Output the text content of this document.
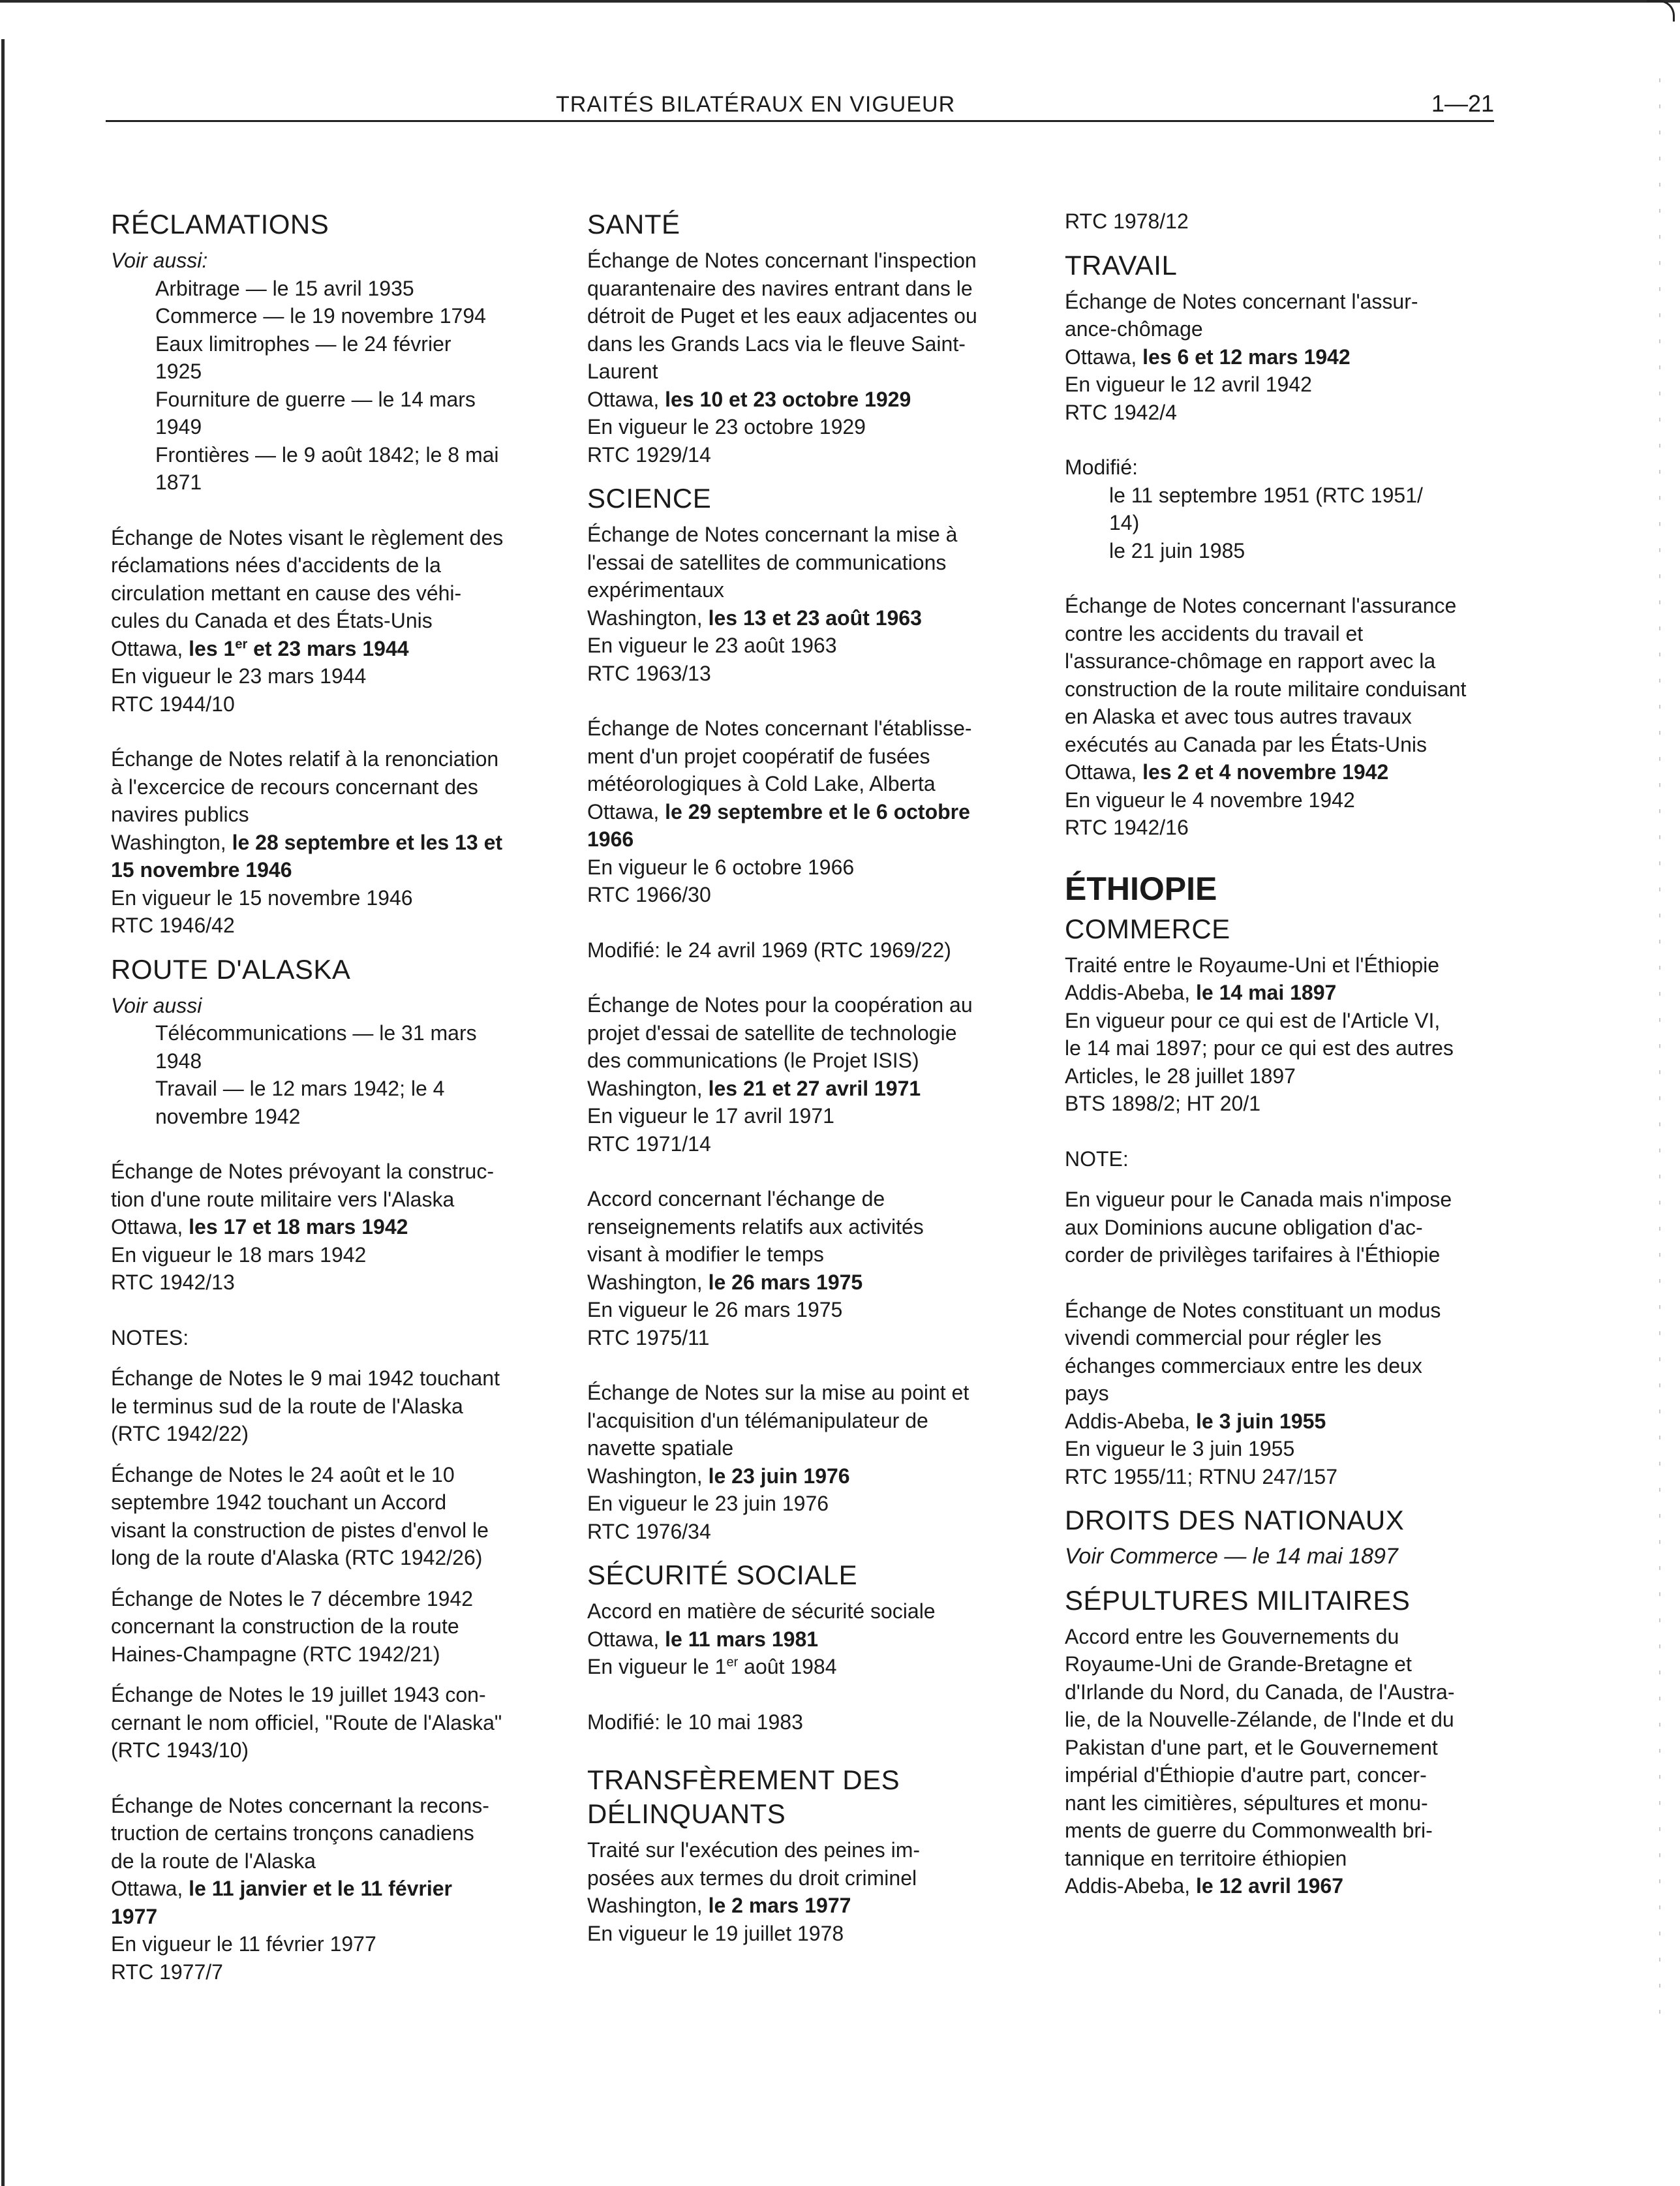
TRAITÉS BILATÉRAUX EN VIGUEUR	1—21
RÉCLAMATIONS
Voir aussi:
Arbitrage — le 15 avril 1935
Commerce — le 19 novembre 1794
Eaux limitrophes — le 24 février
1925
Fourniture de guerre — le 14 mars
1949
Frontières — le 9 août 1842; le 8 mai
1871
Échange de Notes visant le règlement des
réclamations nées d'accidents de la
circulation mettant en cause des véhi-
cules du Canada et des États-Unis
Ottawa, les 1er et 23 mars 1944
En vigueur le 23 mars 1944
RTC 1944/10
Échange de Notes relatif à la renonciation
à l'excercice de recours concernant des
navires publics
Washington, le 28 septembre et les 13 et
15 novembre 1946
En vigueur le 15 novembre 1946
RTC 1946/42
ROUTE D'ALASKA
Voir aussi
Télécommunications — le 31 mars
1948
Travail — le 12 mars 1942; le 4
novembre 1942
Échange de Notes prévoyant la construc-
tion d'une route militaire vers l'Alaska
Ottawa, les 17 et 18 mars 1942
En vigueur le 18 mars 1942
RTC 1942/13
NOTES:
Échange de Notes le 9 mai 1942 touchant
le terminus sud de la route de l'Alaska
(RTC 1942/22)
Échange de Notes le 24 août et le 10
septembre 1942 touchant un Accord
visant la construction de pistes d'envol le
long de la route d'Alaska (RTC 1942/26)
Échange de Notes le 7 décembre 1942
concernant la construction de la route
Haines-Champagne (RTC 1942/21)
Échange de Notes le 19 juillet 1943 con-
cernant le nom officiel, "Route de l'Alaska"
(RTC 1943/10)
Échange de Notes concernant la recons-
truction de certains tronçons canadiens
de la route de l'Alaska
Ottawa, le 11 janvier et le 11 février
1977
En vigueur le 11 février 1977
RTC 1977/7
SANTÉ
Échange de Notes concernant l'inspection
quarantenaire des navires entrant dans le
détroit de Puget et les eaux adjacentes ou
dans les Grands Lacs via le fleuve Saint-
Laurent
Ottawa, les 10 et 23 octobre 1929
En vigueur le 23 octobre 1929
RTC 1929/14
SCIENCE
Échange de Notes concernant la mise à
l'essai de satellites de communications
expérimentaux
Washington, les 13 et 23 août 1963
En vigueur le 23 août 1963
RTC 1963/13
Échange de Notes concernant l'établisse-
ment d'un projet coopératif de fusées
météorologiques à Cold Lake, Alberta
Ottawa, le 29 septembre et le 6 octobre
1966
En vigueur le 6 octobre 1966
RTC 1966/30
Modifié: le 24 avril 1969 (RTC 1969/22)
Échange de Notes pour la coopération au
projet d'essai de satellite de technologie
des communications (le Projet ISIS)
Washington, les 21 et 27 avril 1971
En vigueur le 17 avril 1971
RTC 1971/14
Accord concernant l'échange de
renseignements relatifs aux activités
visant à modifier le temps
Washington, le 26 mars 1975
En vigueur le 26 mars 1975
RTC 1975/11
Échange de Notes sur la mise au point et
l'acquisition d'un télémanipulateur de
navette spatiale
Washington, le 23 juin 1976
En vigueur le 23 juin 1976
RTC 1976/34
SÉCURITÉ SOCIALE
Accord en matière de sécurité sociale
Ottawa, le 11 mars 1981
En vigueur le 1er août 1984
Modifié: le 10 mai 1983
TRANSFÈREMENT DES
DÉLINQUANTS
Traité sur l'exécution des peines im-
posées aux termes du droit criminel
Washington, le 2 mars 1977
En vigueur le 19 juillet 1978
RTC 1978/12
TRAVAIL
Échange de Notes concernant l'assur-
ance-chômage
Ottawa, les 6 et 12 mars 1942
En vigueur le 12 avril 1942
RTC 1942/4
Modifié:
le 11 septembre 1951 (RTC 1951/
14)
le 21 juin 1985
Échange de Notes concernant l'assurance
contre les accidents du travail et
l'assurance-chômage en rapport avec la
construction de la route militaire conduisant
en Alaska et avec tous autres travaux
exécutés au Canada par les États-Unis
Ottawa, les 2 et 4 novembre 1942
En vigueur le 4 novembre 1942
RTC 1942/16
ÉTHIOPIE
COMMERCE
Traité entre le Royaume-Uni et l'Éthiopie
Addis-Abeba, le 14 mai 1897
En vigueur pour ce qui est de l'Article VI,
le 14 mai 1897; pour ce qui est des autres
Articles, le 28 juillet 1897
BTS 1898/2; HT 20/1
NOTE:
En vigueur pour le Canada mais n'impose
aux Dominions aucune obligation d'ac-
corder de privilèges tarifaires à l'Éthiopie
Échange de Notes constituant un modus
vivendi commercial pour régler les
échanges commerciaux entre les deux
pays
Addis-Abeba, le 3 juin 1955
En vigueur le 3 juin 1955
RTC 1955/11; RTNU 247/157
DROITS DES NATIONAUX
Voir Commerce — le 14 mai 1897
SÉPULTURES MILITAIRES
Accord entre les Gouvernements du
Royaume-Uni de Grande-Bretagne et
d'Irlande du Nord, du Canada, de l'Austra-
lie, de la Nouvelle-Zélande, de l'Inde et du
Pakistan d'une part, et le Gouvernement
impérial d'Éthiopie d'autre part, concer-
nant les cimitières, sépultures et monu-
ments de guerre du Commonwealth bri-
tannique en territoire éthiopien
Addis-Abeba, le 12 avril 1967
